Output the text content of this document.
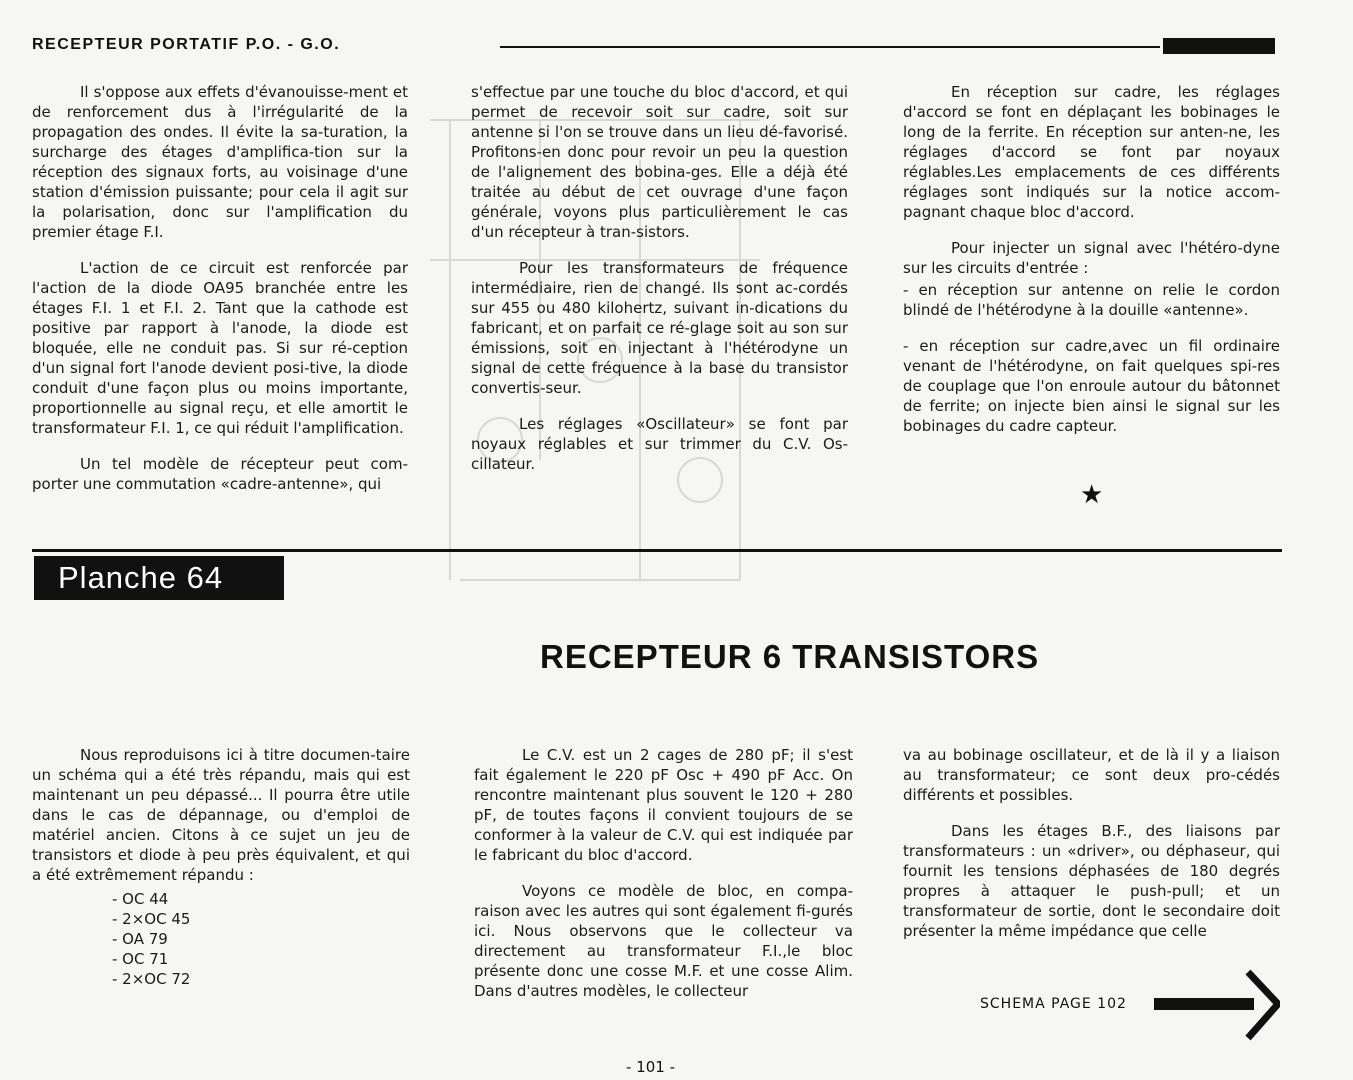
RECEPTEUR PORTATIF P.O. - G.O.

Il s'oppose aux effets d'évanouisse-ment et de renforcement dus à l'irrégularité de la propagation des ondes. Il évite la sa-turation, la surcharge des étages d'amplifica-tion sur la réception des signaux forts, au voisinage d'une station d'émission puissante; pour cela il agit sur la polarisation, donc sur l'amplification du premier étage F.I.

L'action de ce circuit est renforcée par l'action de la diode OA95 branchée entre les étages F.I. 1 et F.I. 2. Tant que la cathode est positive par rapport à l'anode, la diode est bloquée, elle ne conduit pas. Si sur ré-ception d'un signal fort l'anode devient posi-tive, la diode conduit d'une façon plus ou moins importante, proportionnelle au signal reçu, et elle amortit le transformateur F.I. 1, ce qui réduit l'amplification.

Un tel modèle de récepteur peut com-porter une commutation «cadre-antenne», qui

s'effectue par une touche du bloc d'accord, et qui permet de recevoir soit sur cadre, soit sur antenne si l'on se trouve dans un lieu dé-favorisé. Profitons-en donc pour revoir un peu la question de l'alignement des bobina-ges. Elle a déjà été traitée au début de cet ouvrage d'une façon générale, voyons plus particulièrement le cas d'un récepteur à tran-sistors.

Pour les transformateurs de fréquence intermédiaire, rien de changé. Ils sont ac-cordés sur 455 ou 480 kilohertz, suivant in-dications du fabricant, et on parfait ce ré-glage soit au son sur émissions, soit en injectant à l'hétérodyne un signal de cette fréquence à la base du transistor convertis-seur.

Les réglages «Oscillateur» se font par noyaux réglables et sur trimmer du C.V. Os-cillateur.

En réception sur cadre, les réglages d'accord se font en déplaçant les bobinages le long de la ferrite. En réception sur anten-ne, les réglages d'accord se font par noyaux réglables.Les emplacements de ces différents réglages sont indiqués sur la notice accom-pagnant chaque bloc d'accord.

Pour injecter un signal avec l'hétéro-dyne sur les circuits d'entrée :

- en réception sur antenne on relie le cordon blindé de l'hétérodyne à la douille «antenne».

- en réception sur cadre,avec un fil ordinaire venant de l'hétérodyne, on fait quelques spi-res de couplage que l'on enroule autour du bâtonnet de ferrite; on injecte bien ainsi le signal sur les bobinages du cadre capteur.

★
Planche 64
RECEPTEUR 6 TRANSISTORS

Nous reproduisons ici à titre documen-taire un schéma qui a été très répandu, mais qui est maintenant un peu dépassé... Il pourra être utile dans le cas de dépannage, ou d'emploi de matériel ancien. Citons à ce sujet un jeu de transistors et diode à peu près équivalent, et qui a été extrêmement répandu :

- OC 44
- 2×OC 45
- OA 79
- OC 71
- 2×OC 72

Le C.V. est un 2 cages de 280 pF; il s'est fait également le 220 pF Osc + 490 pF Acc. On rencontre maintenant plus souvent le 120 + 280 pF, de toutes façons il convient toujours de se conformer à la valeur de C.V. qui est indiquée par le fabricant du bloc d'accord.

Voyons ce modèle de bloc, en compa-raison avec les autres qui sont également fi-gurés ici. Nous observons que le collecteur va directement au transformateur F.I.,le bloc présente donc une cosse M.F. et une cosse Alim. Dans d'autres modèles, le collecteur

va au bobinage oscillateur, et de là il y a liaison au transformateur; ce sont deux pro-cédés différents et possibles.

Dans les étages B.F., des liaisons par transformateurs : un «driver», ou déphaseur, qui fournit les tensions déphasées de 180 degrés propres à attaquer le push-pull; et un transformateur de sortie, dont le secondaire doit présenter la même impédance que celle

SCHEMA PAGE 102
- 101 -
